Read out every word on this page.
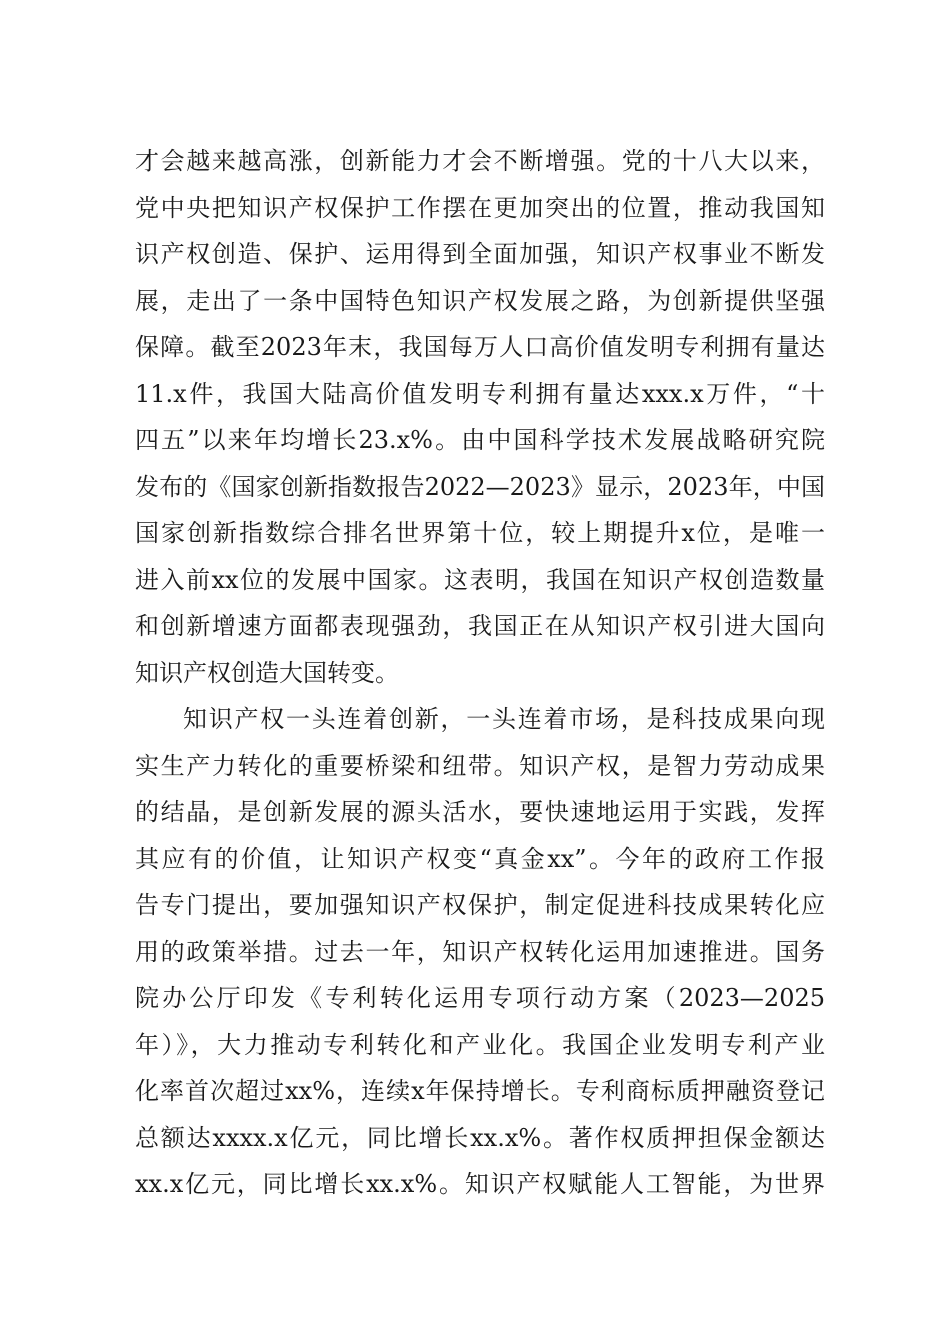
才会越来越高涨，创新能力才会不断增强。党的十八大以来，
党中央把知识产权保护工作摆在更加突出的位置，推动我国知
识产权创造、保护、运用得到全面加强，知识产权事业不断发
展，走出了一条中国特色知识产权发展之路，为创新提供坚强
保障。截至2023年末，我国每万人口高价值发明专利拥有量达
11.x件，我国大陆高价值发明专利拥有量达xxx.x万件，“十
四五”以来年均增长23.x%。由中国科学技术发展战略研究院
发布的《国家创新指数报告2022—2023》显示，2023年，中国
国家创新指数综合排名世界第十位，较上期提升x位，是唯一
进入前xx位的发展中国家。这表明，我国在知识产权创造数量
和创新增速方面都表现强劲，我国正在从知识产权引进大国向
知识产权创造大国转变。
知识产权一头连着创新，一头连着市场，是科技成果向现
实生产力转化的重要桥梁和纽带。知识产权，是智力劳动成果
的结晶，是创新发展的源头活水，要快速地运用于实践，发挥
其应有的价值，让知识产权变“真金xx”。今年的政府工作报
告专门提出，要加强知识产权保护，制定促进科技成果转化应
用的政策举措。过去一年，知识产权转化运用加速推进。国务
院办公厅印发《专利转化运用专项行动方案（2023—2025
年）》，大力推动专利转化和产业化。我国企业发明专利产业
化率首次超过xx%，连续x年保持增长。专利商标质押融资登记
总额达xxxx.x亿元，同比增长xx.x%。著作权质押担保金额达
xx.x亿元，同比增长xx.x%。知识产权赋能人工智能，为世界
